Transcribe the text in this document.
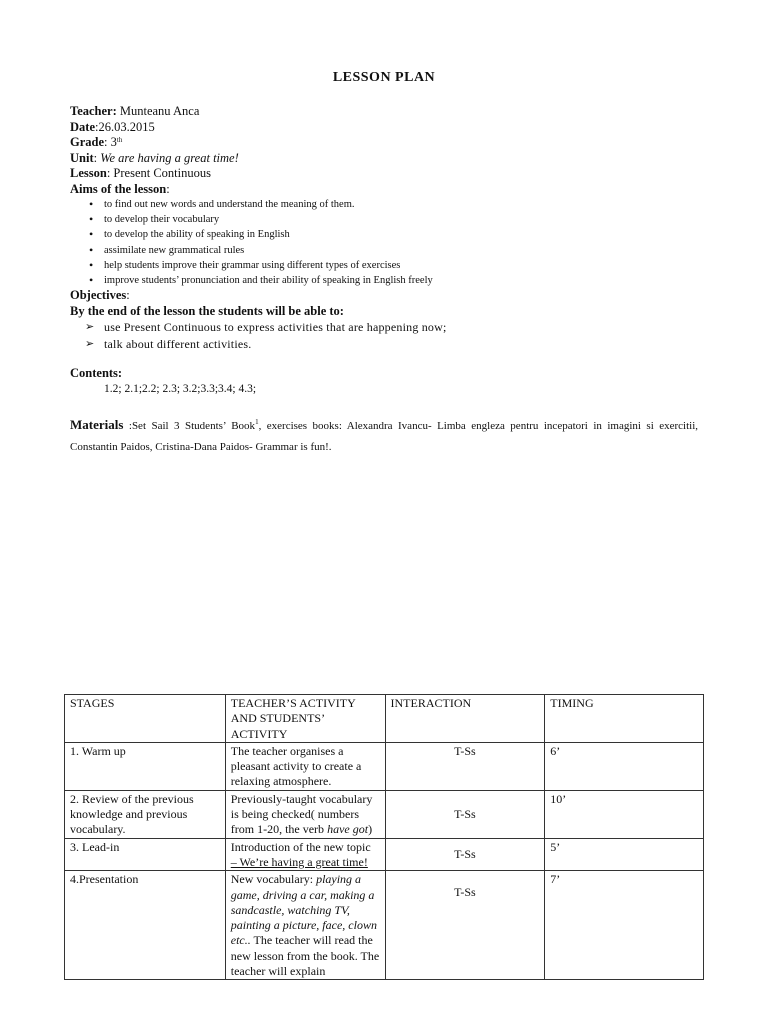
LESSON PLAN
Teacher: Munteanu Anca
Date:26.03.2015
Grade: 3th
Unit: We are having a great time!
Lesson: Present Continuous
Aims of the lesson:
• to find out new words and understand the meaning of them.
• to develop their vocabulary
• to develop the ability of speaking in English
• assimilate new grammatical rules
• help students improve their grammar using different types of exercises
• improve students’ pronunciation and their ability of speaking in English freely
Objectives:
By the end of the lesson the students will be able to:
➢ use Present Continuous to express activities that are happening now;
➢ talk about different activities.
Contents:
1.2; 2.1;2.2; 2.3; 3.2;3.3;3.4; 4.3;
Materials :Set Sail 3 Students’ Book$^1$, exercises books: Alexandra Ivancu- Limba engleza pentru incepatori in imagini si exercitii, Constantin Paidos, Cristina-Dana Paidos- Grammar is fun!.
STAGES	TEACHER’S ACTIVITY AND STUDENTS’ ACTIVITY	INTERACTION	TIMING
1. Warm up	The teacher organises a pleasant activity to create a relaxing atmosphere.	T-Ss	6’
2. Review of the previous knowledge and previous vocabulary.	Previously-taught vocabulary is being checked( numbers from 1-20, the verb have got)	T-Ss	10’
3. Lead-in	Introduction of the new topic – We’re having a great time!	T-Ss	5’
4.Presentation	New vocabulary: playing a game, driving a car, making a sandcastle, watching TV, painting a picture, face, clown etc.. The teacher will read the new lesson from the book. The teacher will explain	T-Ss	7’
